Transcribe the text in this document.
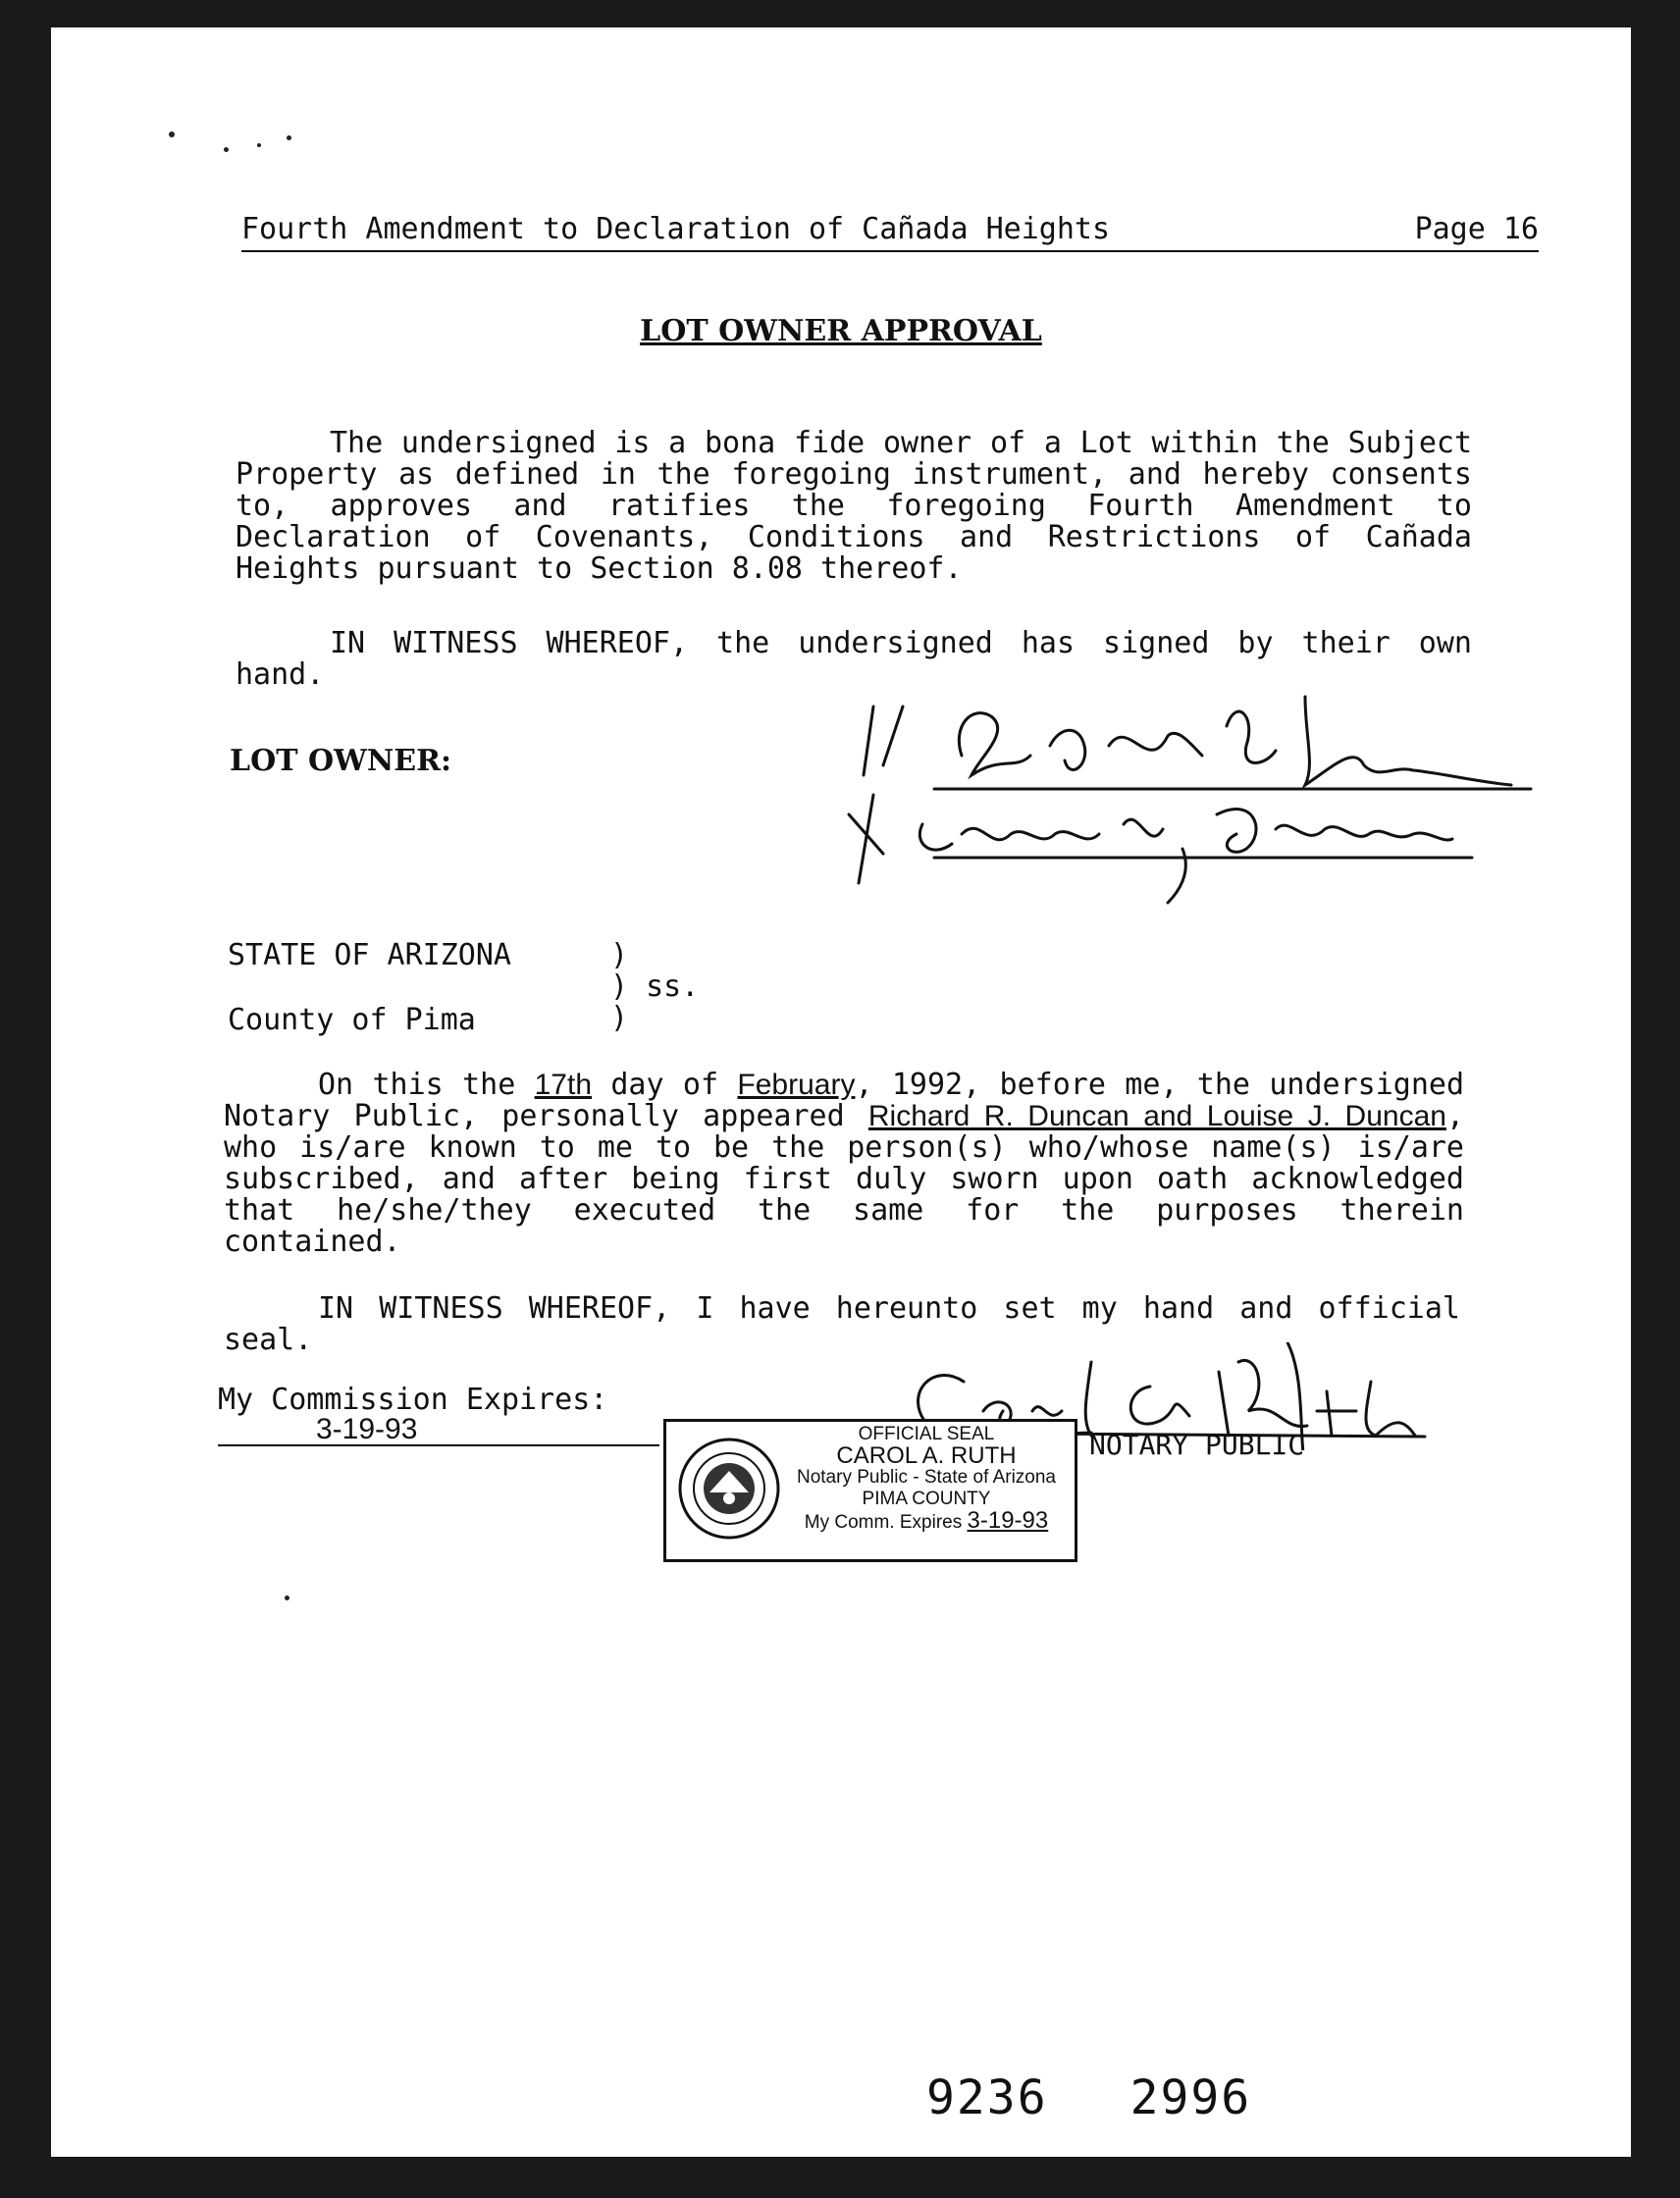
Fourth Amendment to Declaration of Cañada Heights	Page 16
LOT OWNER APPROVAL
The undersigned is a bona fide owner of a Lot within the Subject Property as defined in the foregoing instrument, and hereby consents to, approves and ratifies the foregoing Fourth Amendment to Declaration of Covenants, Conditions and Restrictions of Cañada Heights pursuant to Section 8.08 thereof.
IN WITNESS WHEREOF, the undersigned has signed by their own hand.
LOT OWNER:
STATE OF ARIZONA
County of Pima
)
) ss.
)
On this the 17th day of February, 1992, before me, the undersigned Notary Public, personally appeared Richard R. Duncan and Louise J. Duncan, who is/are known to me to be the person(s) who/whose name(s) is/are subscribed, and after being first duly sworn upon oath acknowledged that he/she/they executed the same for the purposes therein contained.
IN WITNESS WHEREOF, I have hereunto set my hand and official seal.
My Commission Expires:
3-19-93	NOTARY PUBLIC
OFFICIAL SEAL
CAROL A. RUTH
Notary Public - State of Arizona
PIMA COUNTY
My Comm. Expires 3-19-93
9236 2996
